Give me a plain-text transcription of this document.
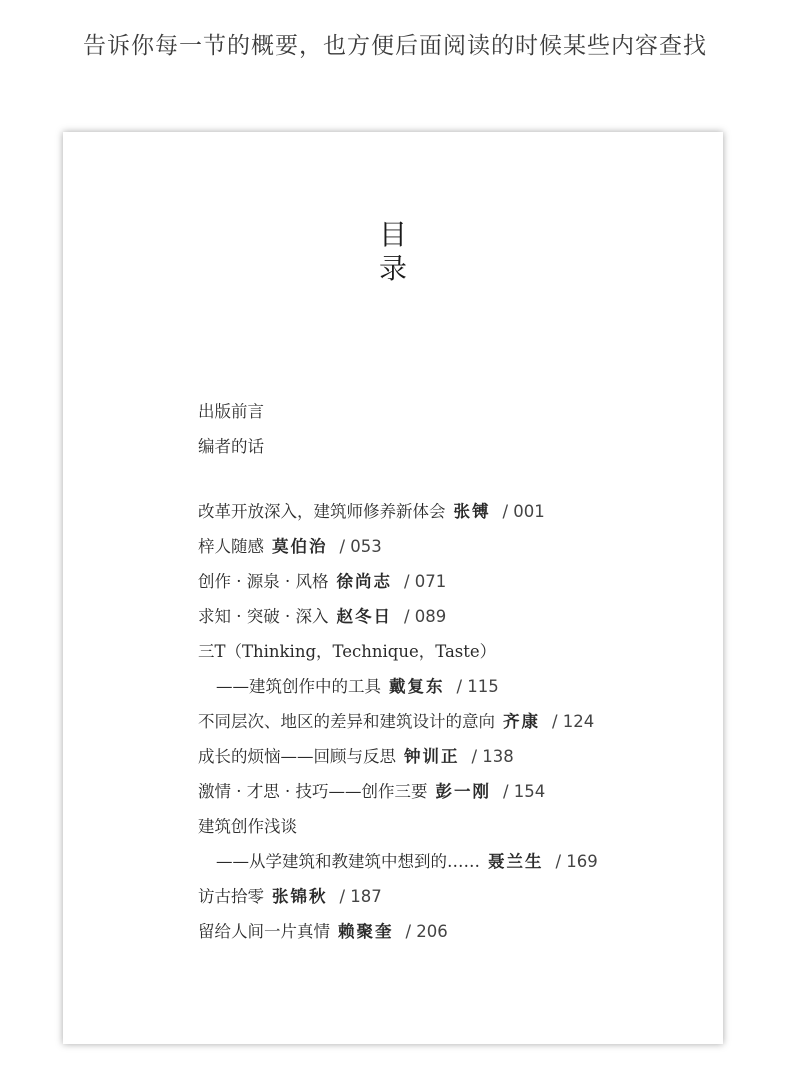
告诉你每一节的概要，也方便后面阅读的时候某些内容查找
目
录
出版前言
编者的话
改革开放深入，建筑师修养新体会 张镈 / 001
梓人随感 莫伯治 / 053
创作 · 源泉 · 风格 徐尚志 / 071
求知 · 突破 · 深入 赵冬日 / 089
三T（Thinking，Technique，Taste）
——建筑创作中的工具 戴复东 / 115
不同层次、地区的差异和建筑设计的意向 齐康 / 124
成长的烦恼——回顾与反思 钟训正 / 138
激情 · 才思 · 技巧——创作三要 彭一刚 / 154
建筑创作浅谈
——从学建筑和教建筑中想到的…… 聂兰生 / 169
访古拾零 张锦秋 / 187
留给人间一片真情 赖聚奎 / 206
